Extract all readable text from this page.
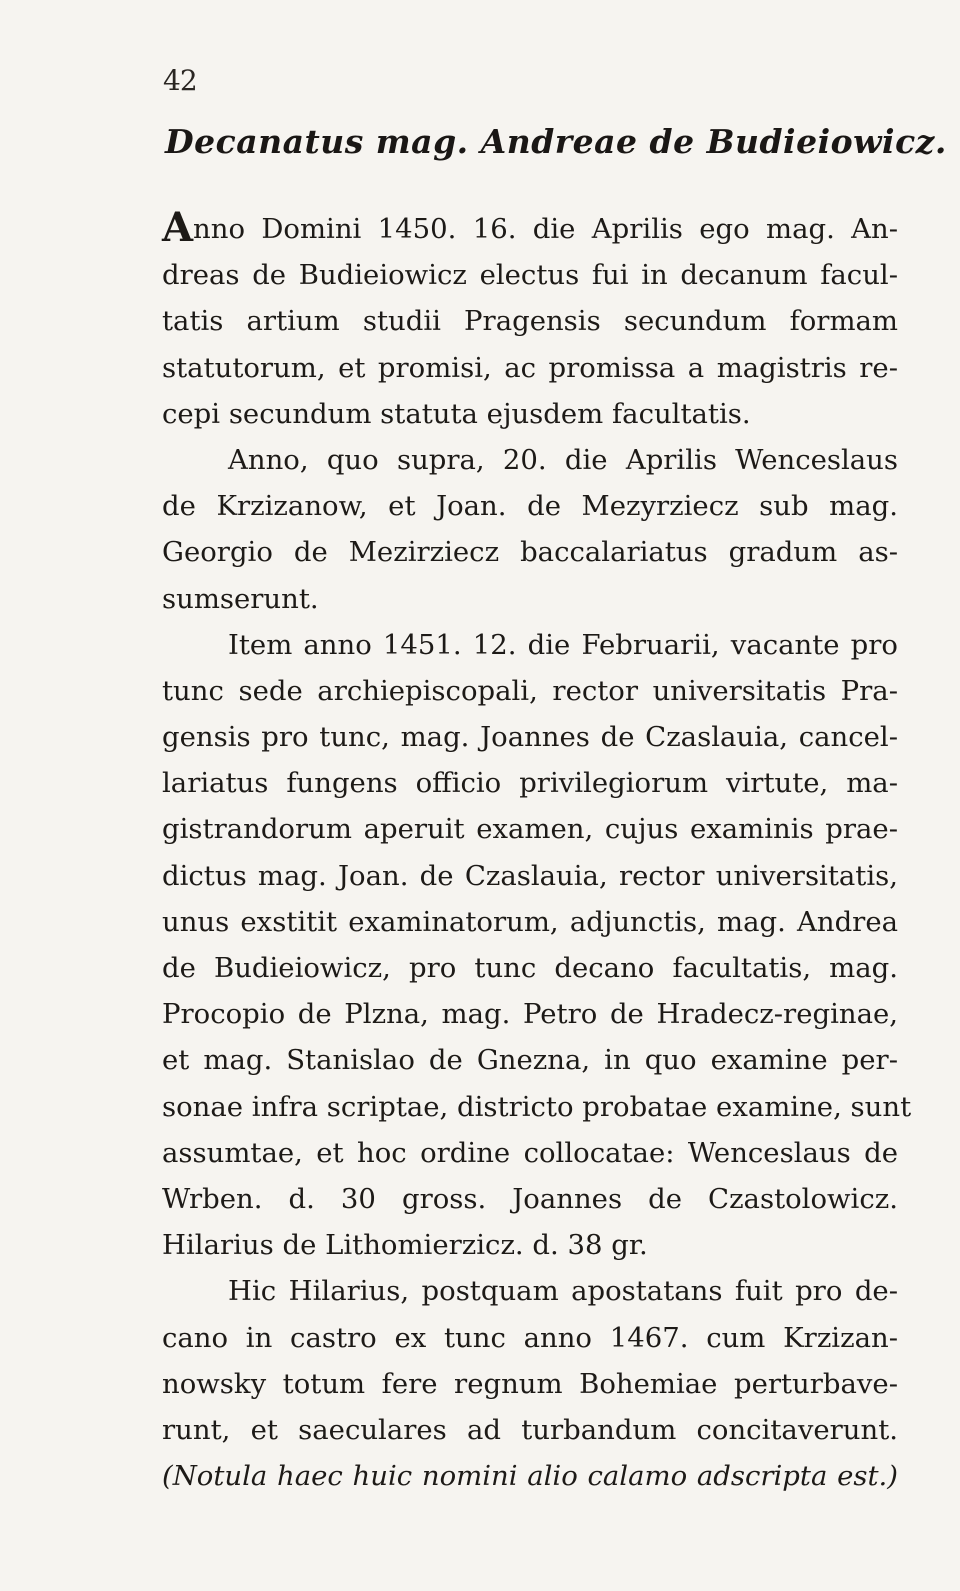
42
Decanatus mag. Andreae de Budieiowicz.
Anno Domini 1450. 16. die Aprilis ego mag. An-
dreas de Budieiowicz electus fui in decanum facul-
tatis artium studii Pragensis secundum formam
statutorum, et promisi, ac promissa a magistris re-
cepi secundum statuta ejusdem facultatis.
Anno, quo supra, 20. die Aprilis Wenceslaus
de Krzizanow, et Joan. de Mezyrziecz sub mag.
Georgio de Mezirziecz baccalariatus gradum as-
sumserunt.
Item anno 1451. 12. die Februarii, vacante pro
tunc sede archiepiscopali, rector universitatis Pra-
gensis pro tunc, mag. Joannes de Czaslauia, cancel-
lariatus fungens officio privilegiorum virtute, ma-
gistrandorum aperuit examen, cujus examinis prae-
dictus mag. Joan. de Czaslauia, rector universitatis,
unus exstitit examinatorum, adjunctis, mag. Andrea
de Budieiowicz, pro tunc decano facultatis, mag.
Procopio de Plzna, mag. Petro de Hradecz-reginae,
et mag. Stanislao de Gnezna, in quo examine per-
sonae infra scriptae, districto probatae examine, sunt
assumtae, et hoc ordine collocatae: Wenceslaus de
Wrben. d. 30 gross. Joannes de Czastolowicz.
Hilarius de Lithomierzicz. d. 38 gr.
Hic Hilarius, postquam apostatans fuit pro de-
cano in castro ex tunc anno 1467. cum Krzizan-
nowsky totum fere regnum Bohemiae perturbave-
runt, et saeculares ad turbandum concitaverunt.
(Notula haec huic nomini alio calamo adscripta est.)
